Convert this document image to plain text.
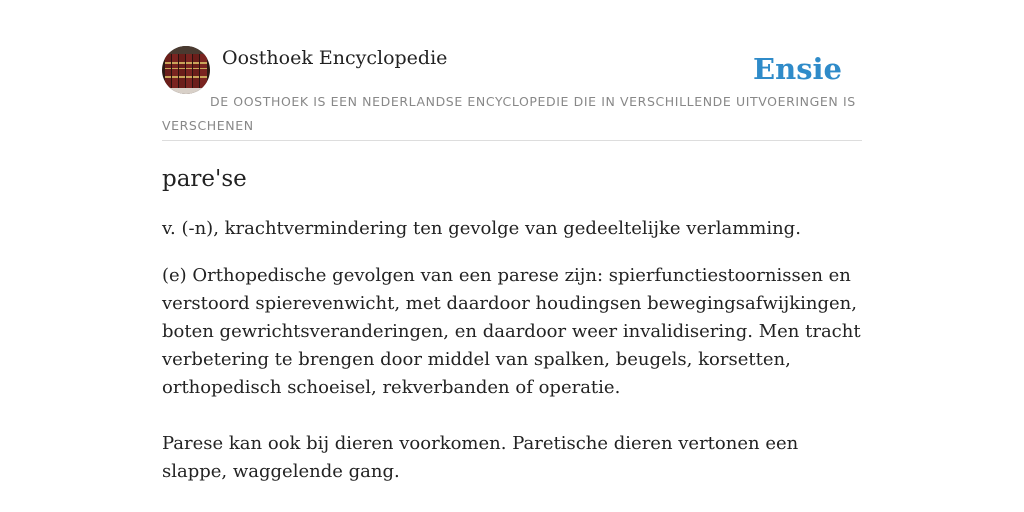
Oosthoek Encyclopedie	Ensie
DE OOSTHOEK IS EEN NEDERLANDSE ENCYCLOPEDIE DIE IN VERSCHILLENDE UITVOERINGEN IS VERSCHENEN
pare'se

v. (-n), krachtvermindering ten gevolge van gedeeltelijke verlamming.

(e) Orthopedische gevolgen van een parese zijn: spierfunctiestoornissen en verstoord spierevenwicht, met daardoor houdingsen bewegingsafwijkingen, boten gewrichtsveranderingen, en daardoor weer invalidisering. Men tracht verbetering te brengen door middel van spalken, beugels, korsetten, orthopedisch schoeisel, rekverbanden of operatie.

Parese kan ook bij dieren voorkomen. Paretische dieren vertonen een slappe, waggelende gang.
